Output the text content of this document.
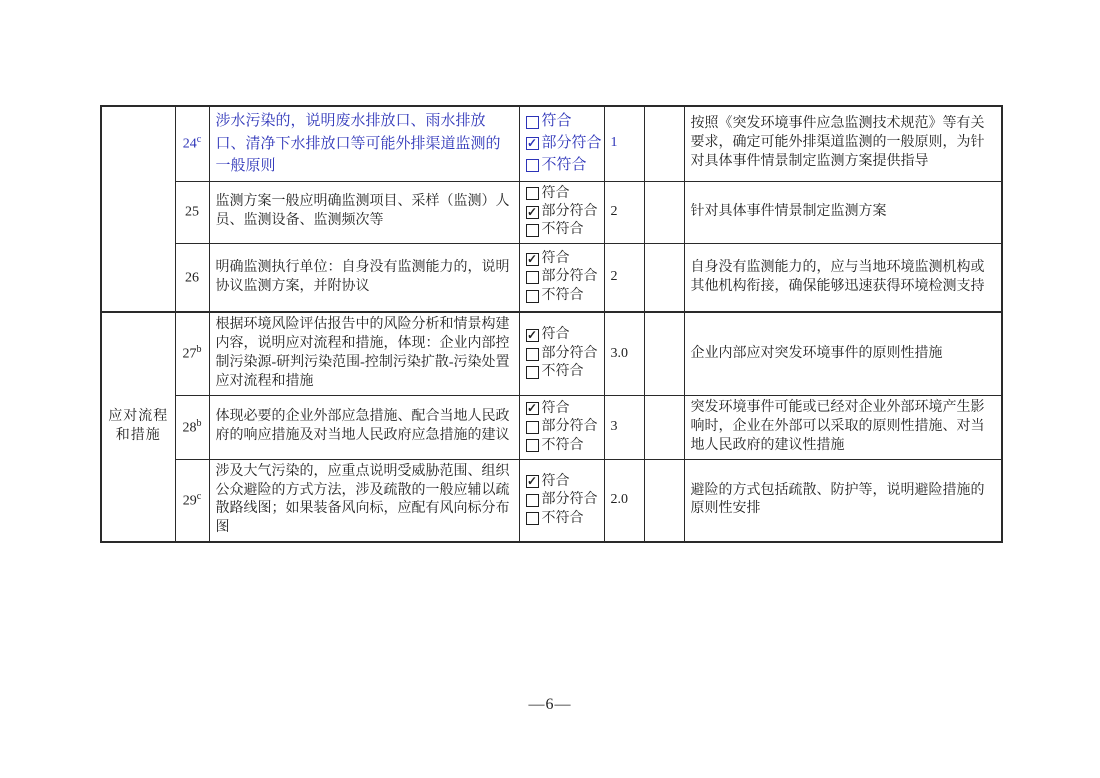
	24$^c$	涉水污染的，说明废水排放口、雨水排放口、清净下水排放口等可能外排渠道监测的一般原则	符合
✓ 部分符合
不符合	1		按照《突发环境事件应急监测技术规范》等有关要求，确定可能外排渠道监测的一般原则，为针对具体事件情景制定监测方案提供指导
	25	监测方案一般应明确监测项目、采样（监测）人员、监测设备、监测频次等	符合
✓ 部分符合
不符合	2		针对具体事件情景制定监测方案
	26	明确监测执行单位：自身没有监测能力的，说明协议监测方案，并附协议	✓ 符合
部分符合
不符合	2		自身没有监测能力的，应与当地环境监测机构或其他机构衔接，确保能够迅速获得环境检测支持
应对流程和措施	27$^b$	根据环境风险评估报告中的风险分析和情景构建内容，说明应对流程和措施，体现：企业内部控制污染源-研判污染范围-控制污染扩散-污染处置应对流程和措施	✓ 符合
部分符合
不符合	3.0		企业内部应对突发环境事件的原则性措施
	28$^b$	体现必要的企业外部应急措施、配合当地人民政府的响应措施及对当地人民政府应急措施的建议	✓ 符合
部分符合
不符合	3		突发环境事件可能或已经对企业外部环境产生影响时，企业在外部可以采取的原则性措施、对当地人民政府的建议性措施
	29$^c$	涉及大气污染的，应重点说明受威胁范围、组织公众避险的方式方法，涉及疏散的一般应辅以疏散路线图；如果装备风向标，应配有风向标分布图	✓ 符合
部分符合
不符合	2.0		避险的方式包括疏散、防护等，说明避险措施的原则性安排
—6—
